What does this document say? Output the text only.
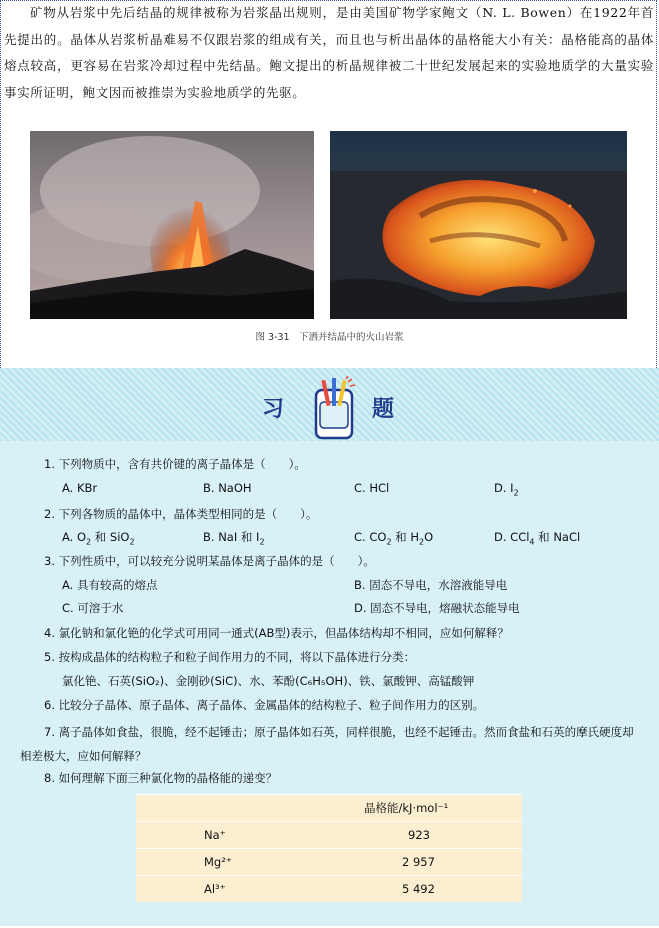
矿物从岩浆中先后结晶的规律被称为岩浆晶出规则，是由美国矿物学家鲍文（N. L. Bowen）在1922年首先提出的。晶体从岩浆析晶难易不仅跟岩浆的组成有关，而且也与析出晶体的晶格能大小有关：晶格能高的晶体熔点较高，更容易在岩浆冷却过程中先结晶。鲍文提出的析晶规律被二十世纪发展起来的实验地质学的大量实验事实所证明，鲍文因而被推崇为实验地质学的先驱。

图 3-31　下洒并结晶中的火山岩浆
习	题
1. 下列物质中，含有共价键的离子晶体是（　　）。
A. KBr	B. NaOH	C. HCl	D. $I_2$
2. 下列各物质的晶体中，晶体类型相同的是（　　）。
A. $O_2$ 和 SiO$_2$	B. NaI 和 $I_2$	C. $CO_2$ 和 $H_2O$	D. CCl$_4$ 和 NaCl
3. 下列性质中，可以较充分说明某晶体是离子晶体的是（　　）。
A. 具有较高的熔点	B. 固态不导电，水溶液能导电
C. 可溶于水	D. 固态不导电，熔融状态能导电
4. 氯化钠和氯化铯的化学式可用同一通式(AB型)表示，但晶体结构却不相同，应如何解释？
5. 按构成晶体的结构粒子和粒子间作用力的不同，将以下晶体进行分类：
氯化铯、石英(SiO₂)、金刚砂(SiC)、水、苯酚(C₆H₅OH)、铁、氯酸钾、高锰酸钾
6. 比较分子晶体、原子晶体、离子晶体、金属晶体的结构粒子、粒子间作用力的区别。
7. 离子晶体如食盐，很脆，经不起锤击；原子晶体如石英，同样很脆，也经不起锤击。然而食盐和石英的摩氏硬度却相差极大，应如何解释？
8. 如何理解下面三种氯化物的晶格能的递变？
	晶格能/kJ·mol⁻¹
Na⁺	923
Mg²⁺	2 957
Al³⁺	5 492
